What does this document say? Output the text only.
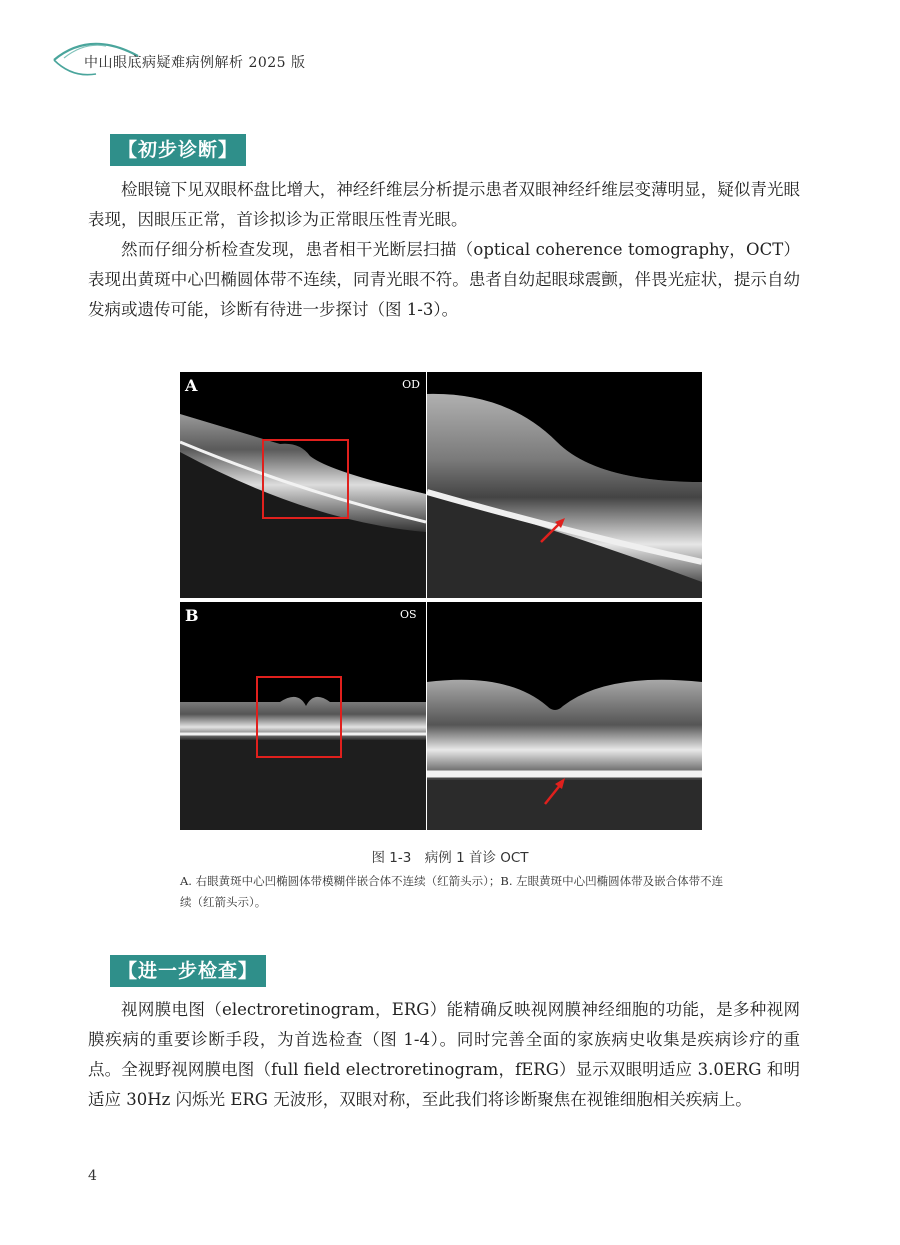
中山眼底病疑难病例解析 2025 版
【初步诊断】

检眼镜下见双眼杯盘比增大，神经纤维层分析提示患者双眼神经纤维层变薄明显，疑似青光眼表现，因眼压正常，首诊拟诊为正常眼压性青光眼。

然而仔细分析检查发现，患者相干光断层扫描（optical coherence tomography，OCT）表现出黄斑中心凹椭圆体带不连续，同青光眼不符。患者自幼起眼球震颤，伴畏光症状，提示自幼发病或遗传可能，诊断有待进一步探讨（图 1-3）。

A	OD
B	OS
图 1-3　病例 1 首诊 OCT
A. 右眼黄斑中心凹椭圆体带模糊伴嵌合体不连续（红箭头示）；B. 左眼黄斑中心凹椭圆体带及嵌合体带不连续（红箭头示）。
【进一步检查】

视网膜电图（electroretinogram，ERG）能精确反映视网膜神经细胞的功能，是多种视网膜疾病的重要诊断手段，为首选检查（图 1-4）。同时完善全面的家族病史收集是疾病诊疗的重点。全视野视网膜电图（full field electroretinogram，fERG）显示双眼明适应 3.0ERG 和明适应 30Hz 闪烁光 ERG 无波形，双眼对称，至此我们将诊断聚焦在视锥细胞相关疾病上。

4
